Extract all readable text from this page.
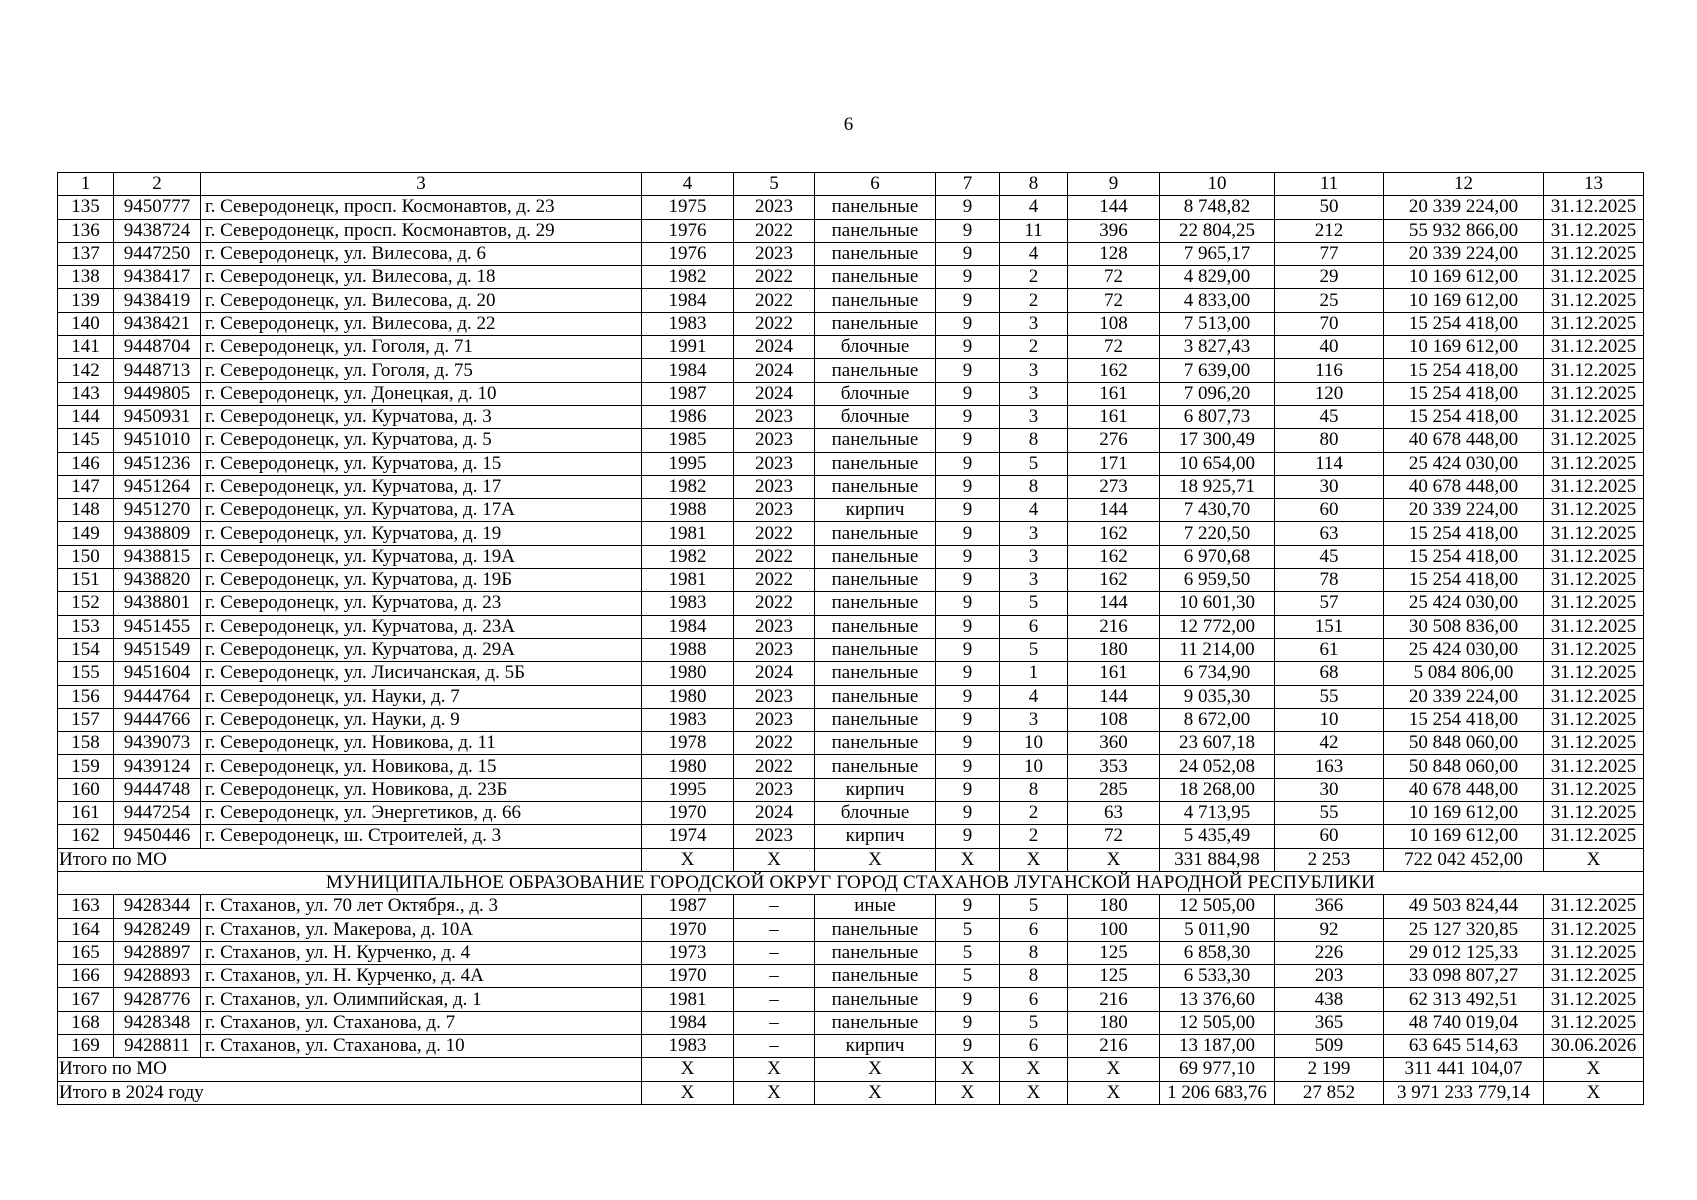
6
1	2	3	4	5	6	7	8	9	10	11	12	13
135	9450777	г. Северодонецк, просп. Космонавтов, д. 23	1975	2023	панельные	9	4	144	8 748,82	50	20 339 224,00	31.12.2025
136	9438724	г. Северодонецк, просп. Космонавтов, д. 29	1976	2022	панельные	9	11	396	22 804,25	212	55 932 866,00	31.12.2025
137	9447250	г. Северодонецк, ул. Вилесова, д. 6	1976	2023	панельные	9	4	128	7 965,17	77	20 339 224,00	31.12.2025
138	9438417	г. Северодонецк, ул. Вилесова, д. 18	1982	2022	панельные	9	2	72	4 829,00	29	10 169 612,00	31.12.2025
139	9438419	г. Северодонецк, ул. Вилесова, д. 20	1984	2022	панельные	9	2	72	4 833,00	25	10 169 612,00	31.12.2025
140	9438421	г. Северодонецк, ул. Вилесова, д. 22	1983	2022	панельные	9	3	108	7 513,00	70	15 254 418,00	31.12.2025
141	9448704	г. Северодонецк, ул. Гоголя, д. 71	1991	2024	блочные	9	2	72	3 827,43	40	10 169 612,00	31.12.2025
142	9448713	г. Северодонецк, ул. Гоголя, д. 75	1984	2024	панельные	9	3	162	7 639,00	116	15 254 418,00	31.12.2025
143	9449805	г. Северодонецк, ул. Донецкая, д. 10	1987	2024	блочные	9	3	161	7 096,20	120	15 254 418,00	31.12.2025
144	9450931	г. Северодонецк, ул. Курчатова, д. 3	1986	2023	блочные	9	3	161	6 807,73	45	15 254 418,00	31.12.2025
145	9451010	г. Северодонецк, ул. Курчатова, д. 5	1985	2023	панельные	9	8	276	17 300,49	80	40 678 448,00	31.12.2025
146	9451236	г. Северодонецк, ул. Курчатова, д. 15	1995	2023	панельные	9	5	171	10 654,00	114	25 424 030,00	31.12.2025
147	9451264	г. Северодонецк, ул. Курчатова, д. 17	1982	2023	панельные	9	8	273	18 925,71	30	40 678 448,00	31.12.2025
148	9451270	г. Северодонецк, ул. Курчатова, д. 17А	1988	2023	кирпич	9	4	144	7 430,70	60	20 339 224,00	31.12.2025
149	9438809	г. Северодонецк, ул. Курчатова, д. 19	1981	2022	панельные	9	3	162	7 220,50	63	15 254 418,00	31.12.2025
150	9438815	г. Северодонецк, ул. Курчатова, д. 19А	1982	2022	панельные	9	3	162	6 970,68	45	15 254 418,00	31.12.2025
151	9438820	г. Северодонецк, ул. Курчатова, д. 19Б	1981	2022	панельные	9	3	162	6 959,50	78	15 254 418,00	31.12.2025
152	9438801	г. Северодонецк, ул. Курчатова, д. 23	1983	2022	панельные	9	5	144	10 601,30	57	25 424 030,00	31.12.2025
153	9451455	г. Северодонецк, ул. Курчатова, д. 23А	1984	2023	панельные	9	6	216	12 772,00	151	30 508 836,00	31.12.2025
154	9451549	г. Северодонецк, ул. Курчатова, д. 29А	1988	2023	панельные	9	5	180	11 214,00	61	25 424 030,00	31.12.2025
155	9451604	г. Северодонецк, ул. Лисичанская, д. 5Б	1980	2024	панельные	9	1	161	6 734,90	68	5 084 806,00	31.12.2025
156	9444764	г. Северодонецк, ул. Науки, д. 7	1980	2023	панельные	9	4	144	9 035,30	55	20 339 224,00	31.12.2025
157	9444766	г. Северодонецк, ул. Науки, д. 9	1983	2023	панельные	9	3	108	8 672,00	10	15 254 418,00	31.12.2025
158	9439073	г. Северодонецк, ул. Новикова, д. 11	1978	2022	панельные	9	10	360	23 607,18	42	50 848 060,00	31.12.2025
159	9439124	г. Северодонецк, ул. Новикова, д. 15	1980	2022	панельные	9	10	353	24 052,08	163	50 848 060,00	31.12.2025
160	9444748	г. Северодонецк, ул. Новикова, д. 23Б	1995	2023	кирпич	9	8	285	18 268,00	30	40 678 448,00	31.12.2025
161	9447254	г. Северодонецк, ул. Энергетиков, д. 66	1970	2024	блочные	9	2	63	4 713,95	55	10 169 612,00	31.12.2025
162	9450446	г. Северодонецк, ш. Строителей, д. 3	1974	2023	кирпич	9	2	72	5 435,49	60	10 169 612,00	31.12.2025
Итого по МО			Х	Х	Х	Х	Х	Х	331 884,98	2 253	722 042 452,00	Х
МУНИЦИПАЛЬНОЕ ОБРАЗОВАНИЕ ГОРОДСКОЙ ОКРУГ ГОРОД СТАХАНОВ ЛУГАНСКОЙ НАРОДНОЙ РЕСПУБЛИКИ												
163	9428344	г. Стаханов, ул. 70 лет Октября., д. 3	1987	–	иные	9	5	180	12 505,00	366	49 503 824,44	31.12.2025
164	9428249	г. Стаханов, ул. Макерова, д. 10А	1970	–	панельные	5	6	100	5 011,90	92	25 127 320,85	31.12.2025
165	9428897	г. Стаханов, ул. Н. Курченко, д. 4	1973	–	панельные	5	8	125	6 858,30	226	29 012 125,33	31.12.2025
166	9428893	г. Стаханов, ул. Н. Курченко, д. 4А	1970	–	панельные	5	8	125	6 533,30	203	33 098 807,27	31.12.2025
167	9428776	г. Стаханов, ул. Олимпийская, д. 1	1981	–	панельные	9	6	216	13 376,60	438	62 313 492,51	31.12.2025
168	9428348	г. Стаханов, ул. Стаханова, д. 7	1984	–	панельные	9	5	180	12 505,00	365	48 740 019,04	31.12.2025
169	9428811	г. Стаханов, ул. Стаханова, д. 10	1983	–	кирпич	9	6	216	13 187,00	509	63 645 514,63	30.06.2026
Итого по МО			Х	Х	Х	Х	Х	Х	69 977,10	2 199	311 441 104,07	Х
Итого в 2024 году			Х	Х	Х	Х	Х	Х	1 206 683,76	27 852	3 971 233 779,14	Х
